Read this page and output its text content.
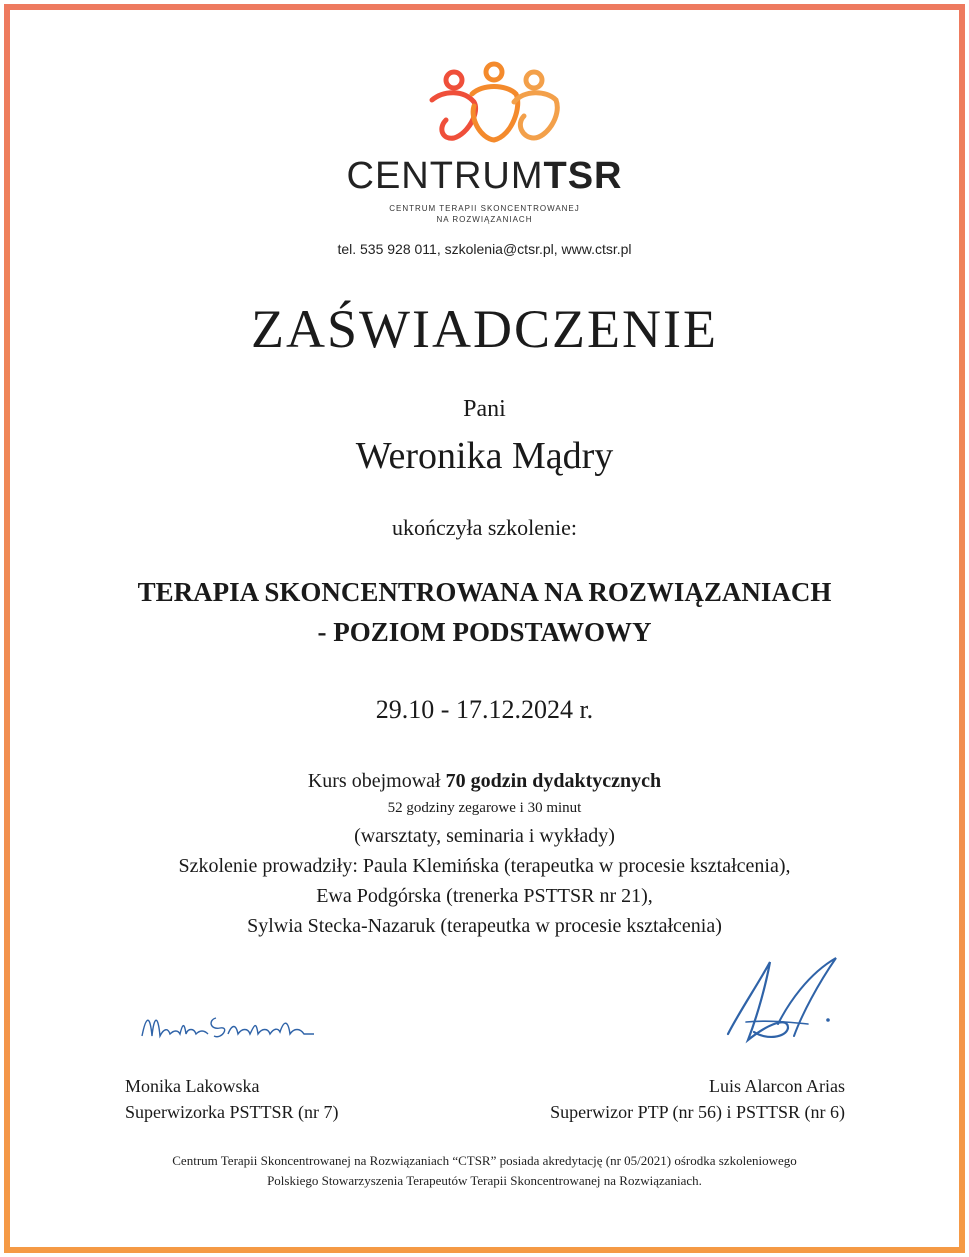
CENTRUMTSR
CENTRUM TERAPII SKONCENTROWANEJ
NA ROZWIĄZANIACH
tel. 535 928 011, szkolenia@ctsr.pl, www.ctsr.pl
ZAŚWIADCZENIE
Pani
Weronika Mądry
ukończyła szkolenie:
TERAPIA SKONCENTROWANA NA ROZWIĄZANIACH
- POZIOM PODSTAWOWY
29.10 - 17.12.2024 r.
Kurs obejmował 70 godzin dydaktycznych
52 godziny zegarowe i 30 minut
(warsztaty, seminaria i wykłady)
Szkolenie prowadziły: Paula Klemińska (terapeutka w procesie kształcenia),
Ewa Podgórska (trenerka PSTTSR nr 21),
Sylwia Stecka-Nazaruk (terapeutka w procesie kształcenia)
Monika Lakowska
Superwizorka PSTTSR (nr 7)
Luis Alarcon Arias
Superwizor PTP (nr 56) i PSTTSR (nr 6)
Centrum Terapii Skoncentrowanej na Rozwiązaniach “CTSR” posiada akredytację (nr 05/2021) ośrodka szkoleniowego
Polskiego Stowarzyszenia Terapeutów Terapii Skoncentrowanej na Rozwiązaniach.
